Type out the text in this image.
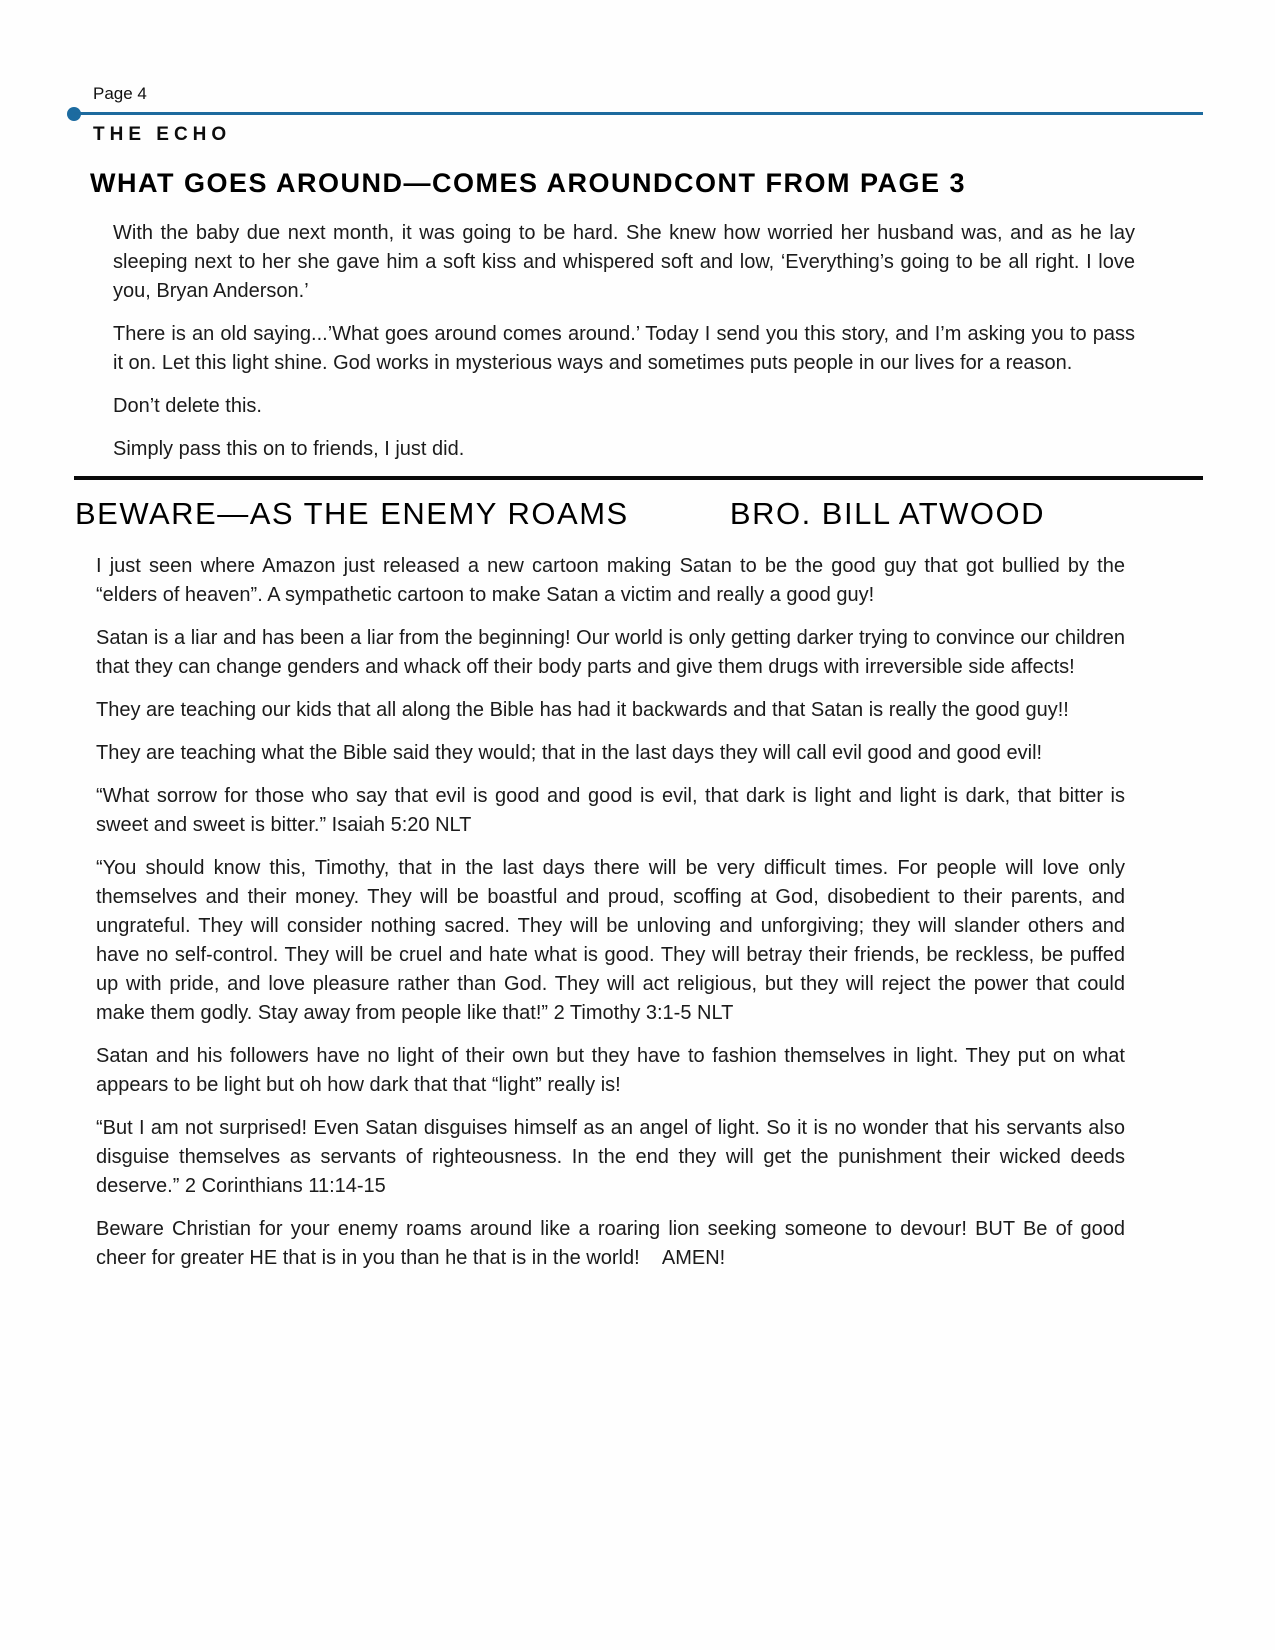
Page 4
THE ECHO
WHAT GOES AROUND—COMES AROUND CONT FROM PAGE 3

With the baby due next month, it was going to be hard. She knew how worried her husband was, and as he lay sleeping next to her she gave him a soft kiss and whispered soft and low, ‘Everything’s going to be all right. I love you, Bryan Anderson.’

There is an old saying...’What goes around comes around.’ Today I send you this story, and I’m asking you to pass it on. Let this light shine. God works in mysterious ways and sometimes puts people in our lives for a reason.

Don’t delete this.

Simply pass this on to friends, I just did.

BEWARE—AS THE ENEMY ROAMS	BRO. BILL ATWOOD

I just seen where Amazon just released a new cartoon making Satan to be the good guy that got bullied by the “elders of heaven”. A sympathetic cartoon to make Satan a victim and really a good guy!

Satan is a liar and has been a liar from the beginning! Our world is only getting darker trying to convince our children that they can change genders and whack off their body parts and give them drugs with irreversible side affects!

They are teaching our kids that all along the Bible has had it backwards and that Satan is really the good guy!!

They are teaching what the Bible said they would; that in the last days they will call evil good and good evil!

“What sorrow for those who say that evil is good and good is evil, that dark is light and light is dark, that bitter is sweet and sweet is bitter.” Isaiah 5:20 NLT

“You should know this, Timothy, that in the last days there will be very difficult times. For people will love only themselves and their money. They will be boastful and proud, scoffing at God, disobedient to their parents, and ungrateful. They will consider nothing sacred. They will be unloving and unforgiving; they will slander others and have no self-control. They will be cruel and hate what is good. They will betray their friends, be reckless, be puffed up with pride, and love pleasure rather than God. They will act religious, but they will reject the power that could make them godly. Stay away from people like that!” 2 Timothy 3:1-5 NLT

Satan and his followers have no light of their own but they have to fashion themselves in light. They put on what appears to be light but oh how dark that that “light” really is!

“But I am not surprised! Even Satan disguises himself as an angel of light. So it is no wonder that his servants also disguise themselves as servants of righteousness. In the end they will get the punishment their wicked deeds deserve.” 2 Corinthians 11:14-15

Beware Christian for your enemy roams around like a roaring lion seeking someone to devour! BUT Be of good cheer for greater HE that is in you than he that is in the world!    AMEN!
